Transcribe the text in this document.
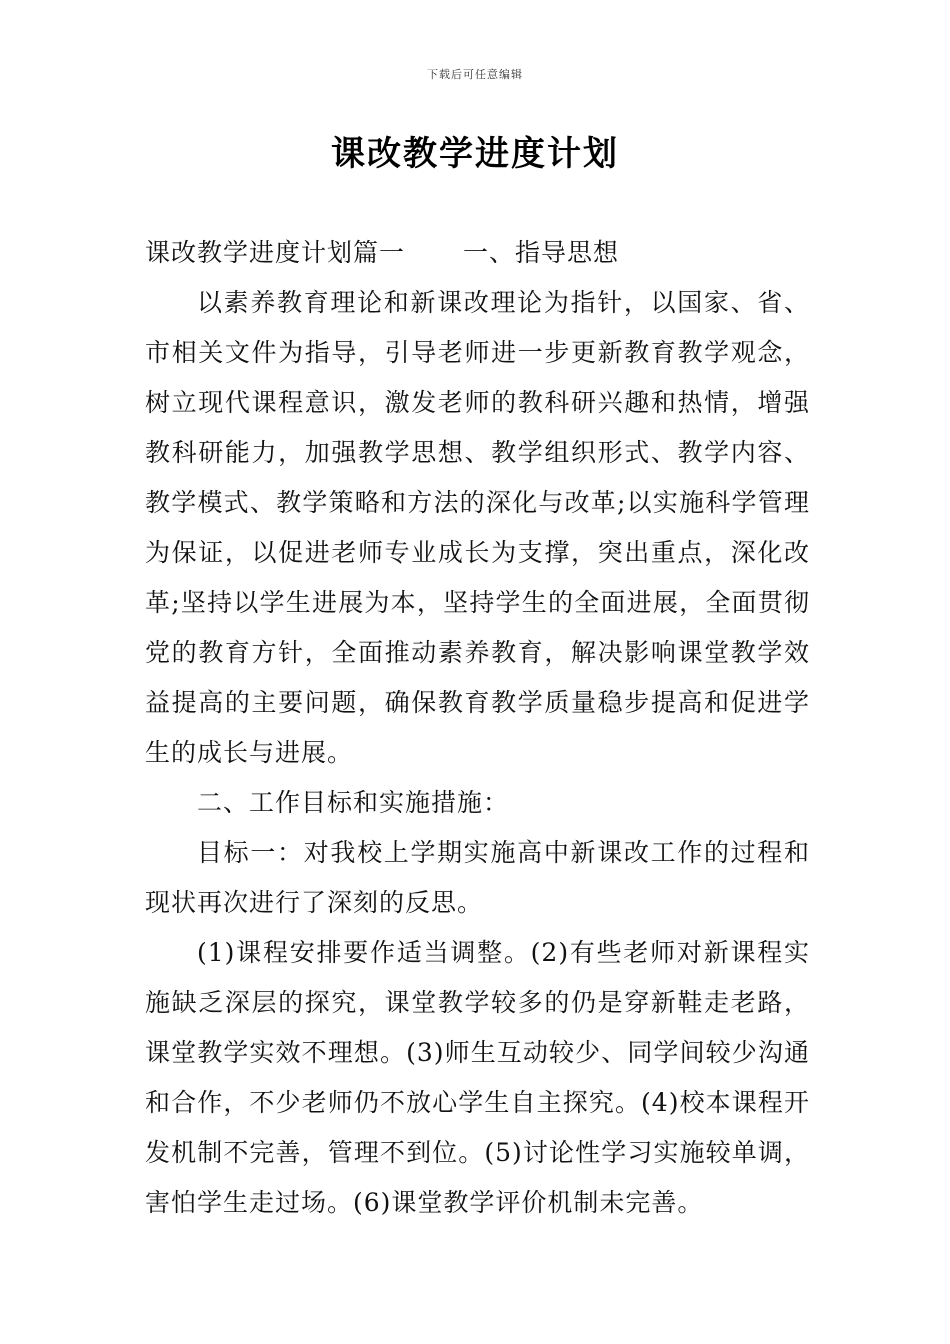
下载后可任意编辑
课改教学进度计划

课改教学进度计划篇一 一、指导思想

以素养教育理论和新课改理论为指针，以国家、省、市相关文件为指导，引导老师进一步更新教育教学观念，树立现代课程意识，激发老师的教科研兴趣和热情，增强教科研能力，加强教学思想、教学组织形式、教学内容、教学模式、教学策略和方法的深化与改革;以实施科学管理为保证，以促进老师专业成长为支撑，突出重点，深化改革;坚持以学生进展为本，坚持学生的全面进展，全面贯彻党的教育方针，全面推动素养教育，解决影响课堂教学效益提高的主要问题，确保教育教学质量稳步提高和促进学生的成长与进展。

二、工作目标和实施措施：

目标一：对我校上学期实施高中新课改工作的过程和现状再次进行了深刻的反思。

(1)课程安排要作适当调整。(2)有些老师对新课程实施缺乏深层的探究，课堂教学较多的仍是穿新鞋走老路，课堂教学实效不理想。(3)师生互动较少、同学间较少沟通和合作，不少老师仍不放心学生自主探究。(4)校本课程开发机制不完善，管理不到位。(5)讨论性学习实施较单调，害怕学生走过场。(6)课堂教学评价机制未完善。
